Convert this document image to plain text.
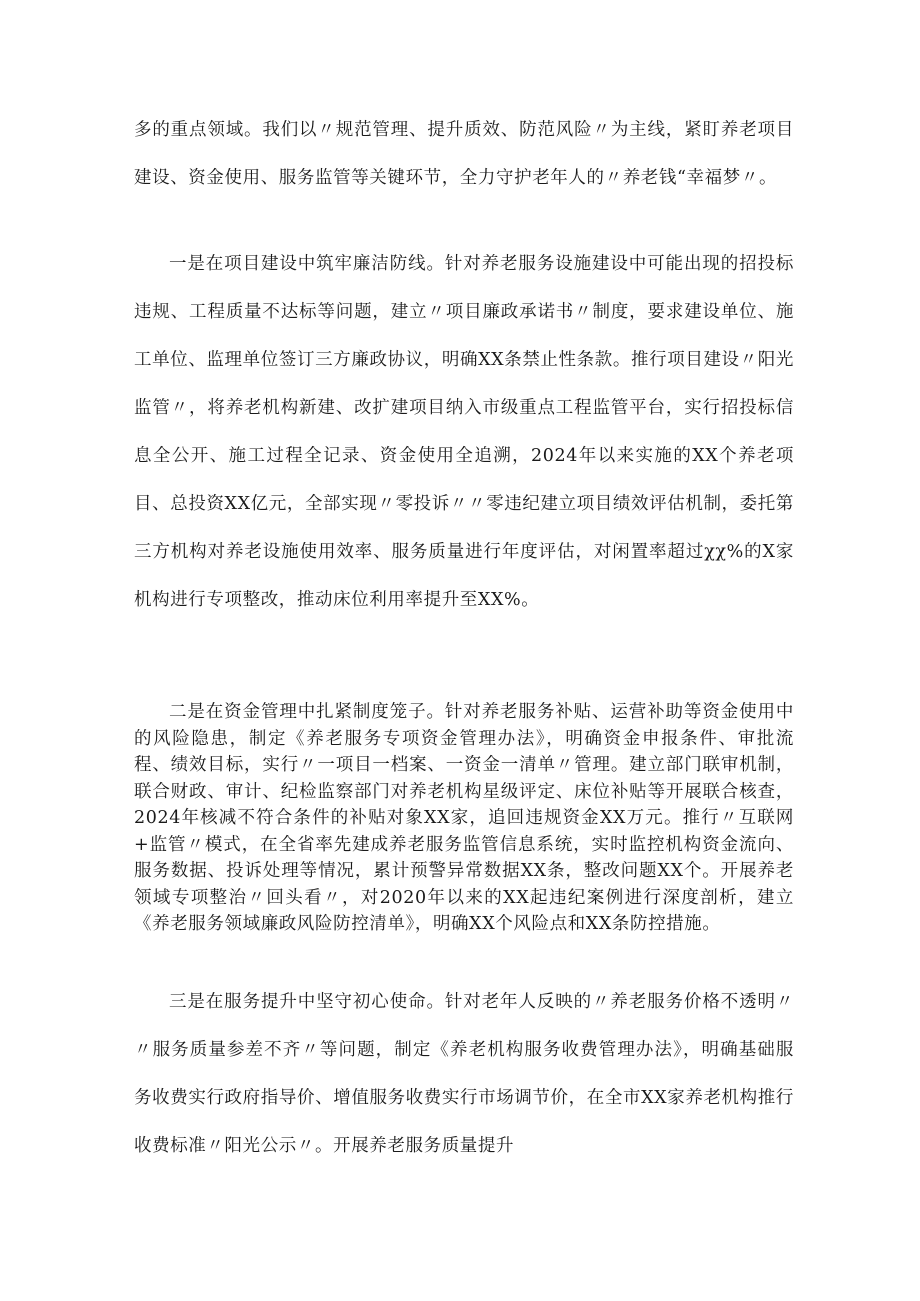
多的重点领域。我们以〃规范管理、提升质效、防范风险〃为主线，紧盯养老项目建设、资金使用、服务监管等关键环节，全力守护老年人的〃养老钱“幸福梦〃。

一是在项目建设中筑牢廉洁防线。针对养老服务设施建设中可能出现的招投标违规、工程质量不达标等问题，建立〃项目廉政承诺书〃制度，要求建设单位、施工单位、监理单位签订三方廉政协议，明确XX条禁止性条款。推行项目建设〃阳光监管〃，将养老机构新建、改扩建项目纳入市级重点工程监管平台，实行招投标信息全公开、施工过程全记录、资金使用全追溯，2024年以来实施的XX个养老项目、总投资XX亿元，全部实现〃零投诉〃〃零违纪建立项目绩效评估机制，委托第三方机构对养老设施使用效率、服务质量进行年度评估，对闲置率超过χχ%的X家机构进行专项整改，推动床位利用率提升至XX%。

二是在资金管理中扎紧制度笼子。针对养老服务补贴、运营补助等资金使用中的风险隐患，制定《养老服务专项资金管理办法》，明确资金申报条件、审批流程、绩效目标，实行〃一项目一档案、一资金一清单〃管理。建立部门联审机制，联合财政、审计、纪检监察部门对养老机构星级评定、床位补贴等开展联合核查，2024年核减不符合条件的补贴对象XX家，追回违规资金XX万元。推行〃互联网+监管〃模式，在全省率先建成养老服务监管信息系统，实时监控机构资金流向、服务数据、投诉处理等情况，累计预警异常数据XX条，整改问题XX个。开展养老领域专项整治〃回头看〃，对2020年以来的XX起违纪案例进行深度剖析，建立《养老服务领域廉政风险防控清单》，明确XX个风险点和XX条防控措施。

三是在服务提升中坚守初心使命。针对老年人反映的〃养老服务价格不透明〃〃服务质量参差不齐〃等问题，制定《养老机构服务收费管理办法》，明确基础服务收费实行政府指导价、增值服务收费实行市场调节价，在全市XX家养老机构推行收费标准〃阳光公示〃。开展养老服务质量提升
